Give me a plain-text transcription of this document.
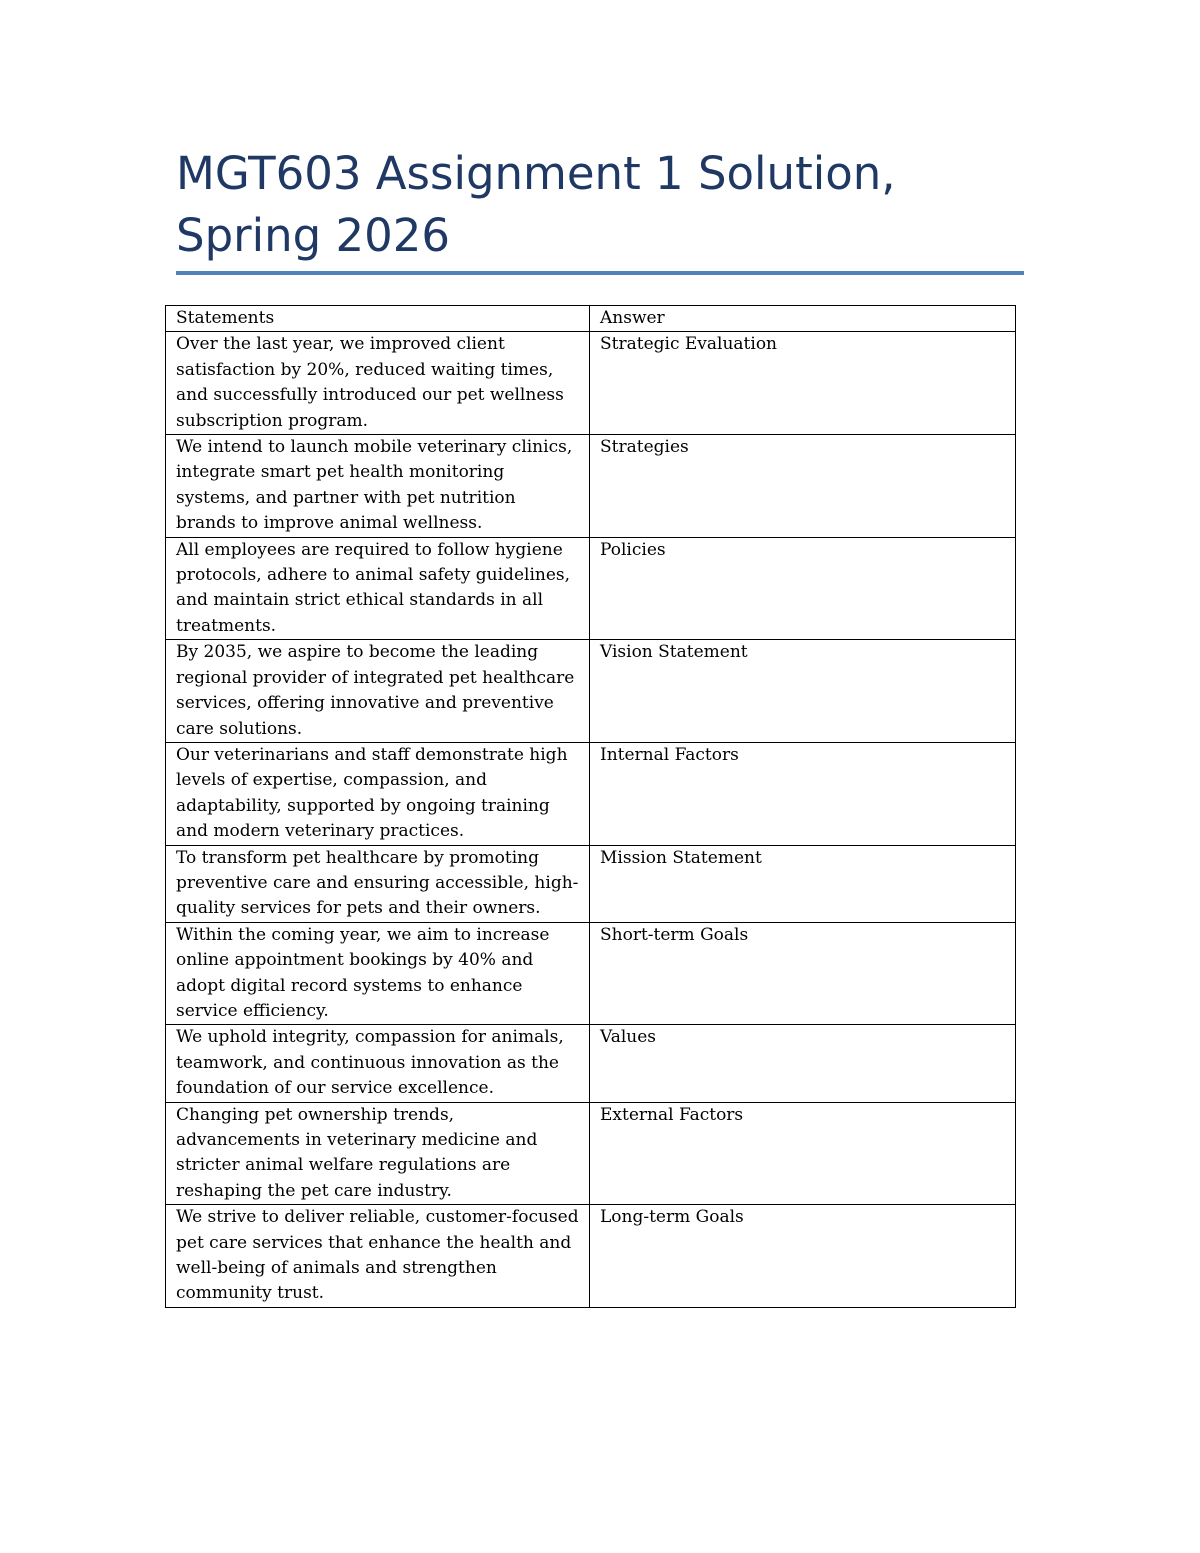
MGT603 Assignment 1 Solution, Spring 2026
Statements	Answer
Over the last year, we improved client satisfaction by 20%, reduced waiting times, and successfully introduced our pet wellness subscription program.	Strategic Evaluation
We intend to launch mobile veterinary clinics, integrate smart pet health monitoring systems, and partner with pet nutrition brands to improve animal wellness.	Strategies
All employees are required to follow hygiene protocols, adhere to animal safety guidelines, and maintain strict ethical standards in all treatments.	Policies
By 2035, we aspire to become the leading regional provider of integrated pet healthcare services, offering innovative and preventive care solutions.	Vision Statement
Our veterinarians and staff demonstrate high levels of expertise, compassion, and adaptability, supported by ongoing training and modern veterinary practices.	Internal Factors
To transform pet healthcare by promoting preventive care and ensuring accessible, high-quality services for pets and their owners.	Mission Statement
Within the coming year, we aim to increase online appointment bookings by 40% and adopt digital record systems to enhance service efficiency.	Short-term Goals
We uphold integrity, compassion for animals, teamwork, and continuous innovation as the foundation of our service excellence.	Values
Changing pet ownership trends, advancements in veterinary medicine and stricter animal welfare regulations are reshaping the pet care industry.	External Factors
We strive to deliver reliable, customer-focused pet care services that enhance the health and well-being of animals and strengthen community trust.	Long-term Goals
